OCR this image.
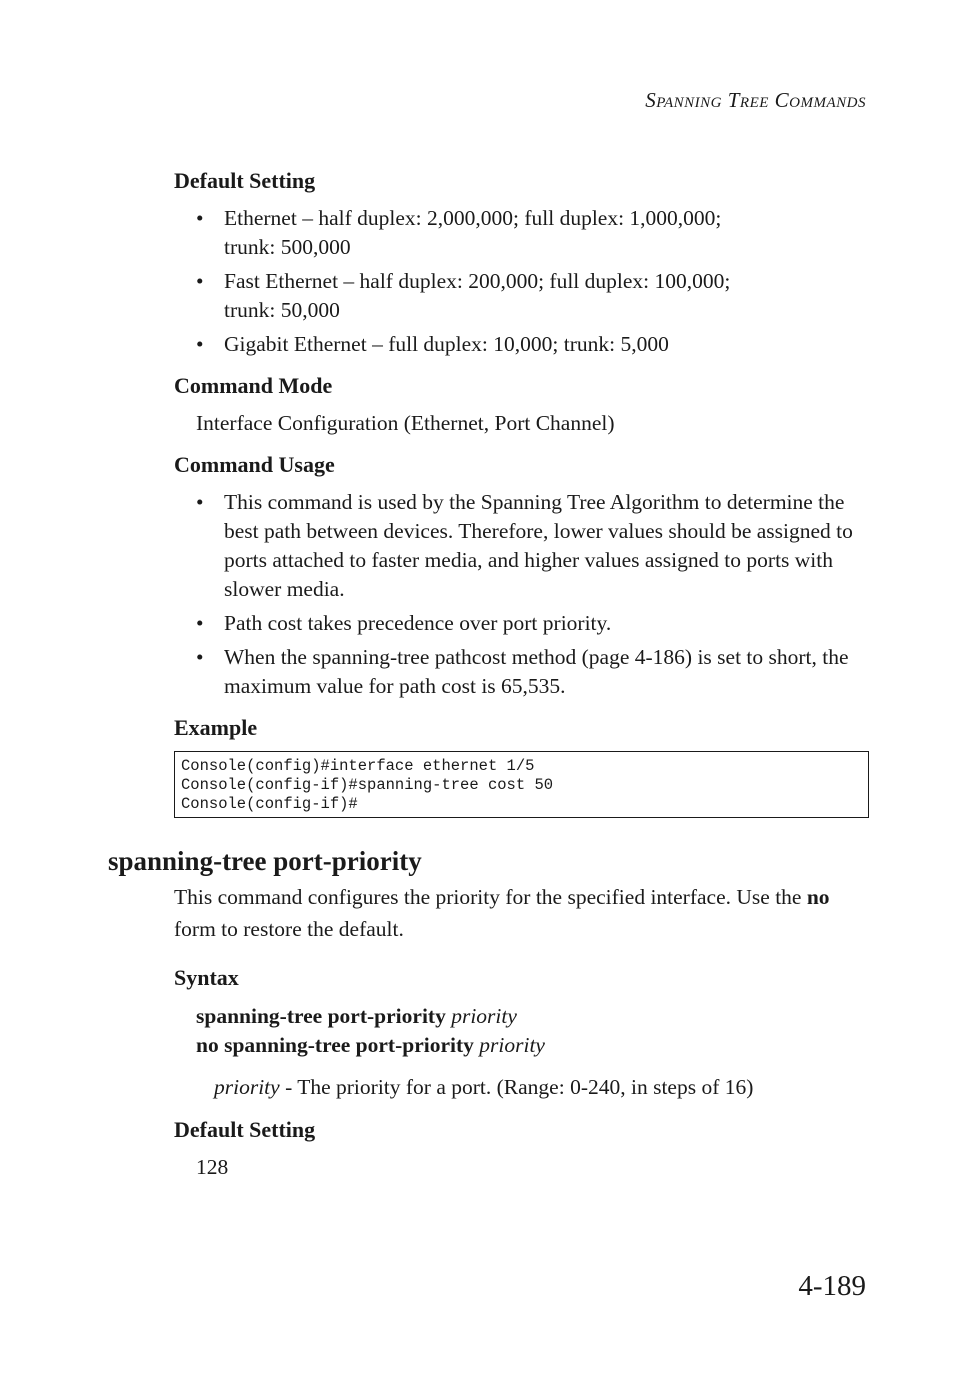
SPANNING TREE COMMANDS
Default Setting
• Ethernet – half duplex: 2,000,000; full duplex: 1,000,000;
trunk: 500,000
• Fast Ethernet – half duplex: 200,000; full duplex: 100,000;
trunk: 50,000
• Gigabit Ethernet – full duplex: 10,000; trunk: 5,000
Command Mode
Interface Configuration (Ethernet, Port Channel)
Command Usage
• This command is used by the Spanning Tree Algorithm to determine the best path between devices. Therefore, lower values should be assigned to ports attached to faster media, and higher values assigned to ports with slower media.
• Path cost takes precedence over port priority.
• When the spanning-tree pathcost method (page 4-186) is set to short, the maximum value for path cost is 65,535.
Example
Console(config)#interface ethernet 1/5
Console(config-if)#spanning-tree cost 50
Console(config-if)#
spanning-tree port-priority
This command configures the priority for the specified interface. Use the no form to restore the default.
Syntax
spanning-tree port-priority priority
no spanning-tree port-priority priority
priority - The priority for a port. (Range: 0-240, in steps of 16)
Default Setting
128
4-189
